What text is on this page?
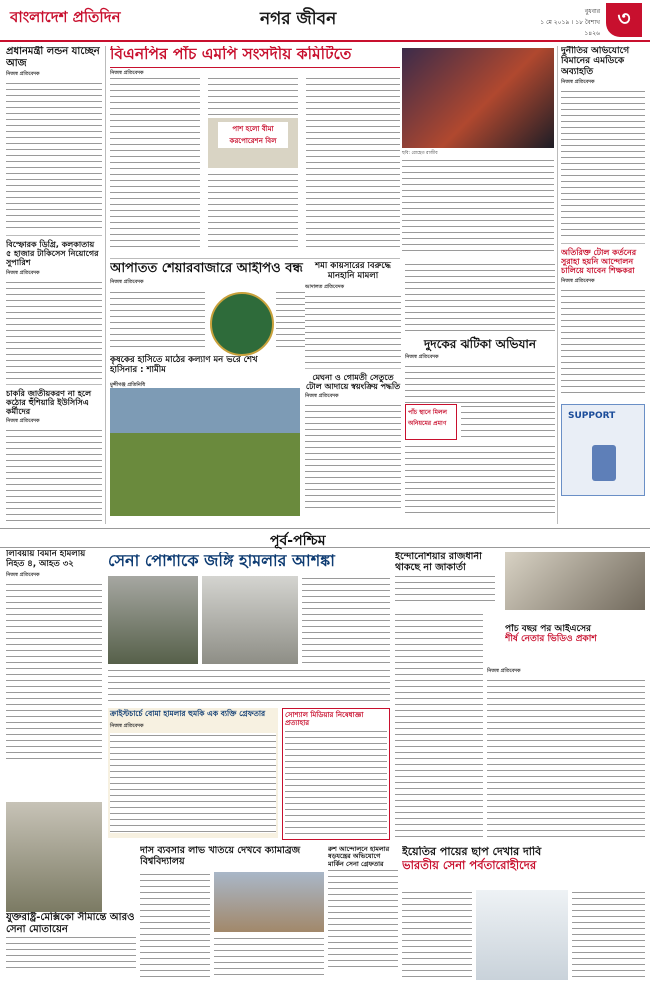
বাংলাদেশ প্রতিদিন	নগর জীবন	বুধবার
১ মে ২০১৯ । ১৮ বৈশাখ ১৪২৬
৩
প্রধানমন্ত্রী লন্ডন যাচ্ছেন আজ
নিজস্ব প্রতিবেদক
বিস্ফোরক ডিগ্রি, কলকাতায় ৫ হাজার টাকিসেস নিয়োগের সুপারিশ
নিজস্ব প্রতিবেদক
চাকরি জাতীয়করণ না হলে কঠোর হুঁশিয়ারি ইউসিসিএ কর্মীদের
নিজস্ব প্রতিবেদক
বিএনপির পাঁচ এমপি সংসদীয় কমিটিতে
নিজস্ব প্রতিবেদক
পাশ হলো বীমা করপোরেশন বিল
ছবি: রোহেত রাজীব
দুর্নীতির অভিযোগে বিমানের এমডিকে অব্যাহতি
নিজস্ব প্রতিবেদক
অতিরিক্ত টোল কর্তনের সুরাহা হয়নি আন্দোলন চালিয়ে যাবেন শিক্ষকরা
নিজস্ব প্রতিবেদক
SUPPORT
আপাতত শেয়ারবাজারে আইপিও বন্ধ
নিজস্ব প্রতিবেদক
কৃষকের হাসিতে মাঠের কল্যাণ মন ভরে শেখ হাসিনার : শামীম
মুন্সীগঞ্জ প্রতিনিধি
শমী কায়সারের বিরুদ্ধে মানহানি মামলা
আদালত প্রতিবেদক
মেঘনা ও গোমতী সেতুতে টোল আদায়ে স্বয়ংক্রিয় পদ্ধতি
নিজস্ব প্রতিবেদক
দুদকের ঝটিকা অভিযান
নিজস্ব প্রতিবেদক
পাঁচ স্থানে মিলল অনিয়মের প্রমাণ
পূর্ব-পশ্চিম
লিবিয়ায় বিমান হামলায় নিহত ৪, আহত ৩২
নিজস্ব প্রতিবেদক
সেনা পোশাকে জঙ্গি হামলার আশঙ্কা
ক্রাইস্টচার্চে বোমা হামলার হুমকি এক ব্যক্তি গ্রেফতার
নিজস্ব প্রতিবেদক
সোশ্যাল মিডিয়ার নিষেধাজ্ঞা প্রত্যাহার
ইন্দোনেশিয়ার রাজধানী থাকছে না জাকার্তা
পাঁচ বছর পর আইএসের
শীর্ষ নেতার ভিডিও প্রকাশ
নিজস্ব প্রতিবেদক
যুক্তরাষ্ট্র-মেক্সিকো সীমান্তে আরও সেনা মোতায়েন
দাস ব্যবসার লাভ খতিয়ে দেখবে ক্যামব্রিজ বিশ্ববিদ্যালয়
রুশ আন্দোলনে হামলার ষড়যন্ত্রের অভিযোগে মার্কিন সেনা গ্রেফতার
ইয়েতির পায়ের ছাপ দেখার দাবি
ভারতীয় সেনা পর্বতারোহীদের
